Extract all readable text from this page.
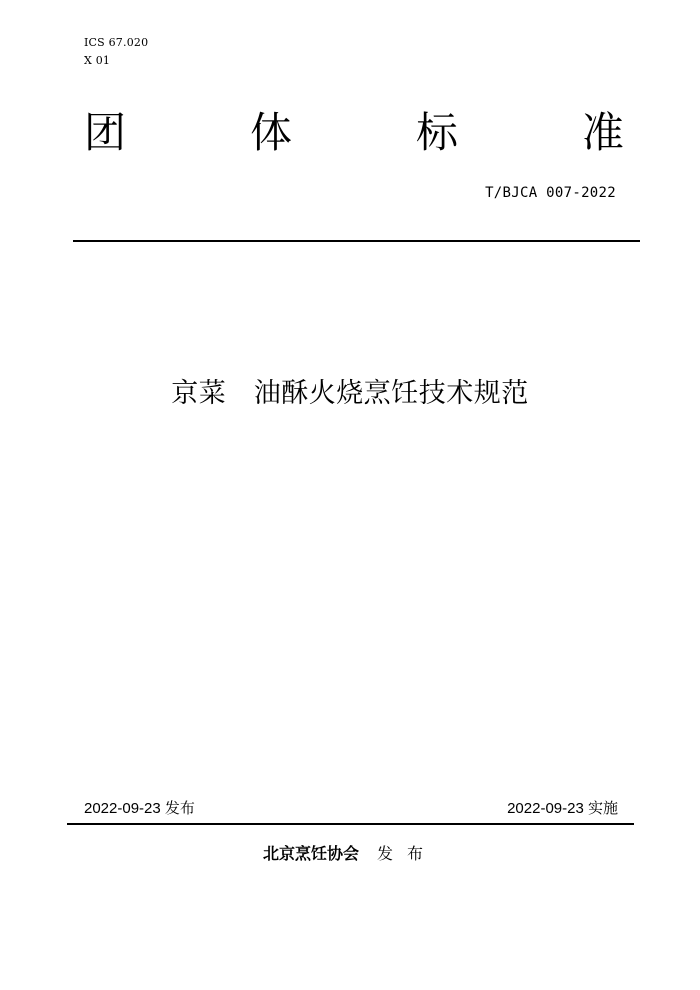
ICS 67.020
X 01
团	体	标	准
T/BJCA 007-2022
京菜　油酥火烧烹饪技术规范
2022-09-23 发布	2022-09-23 实施
北京烹饪协会 发布
